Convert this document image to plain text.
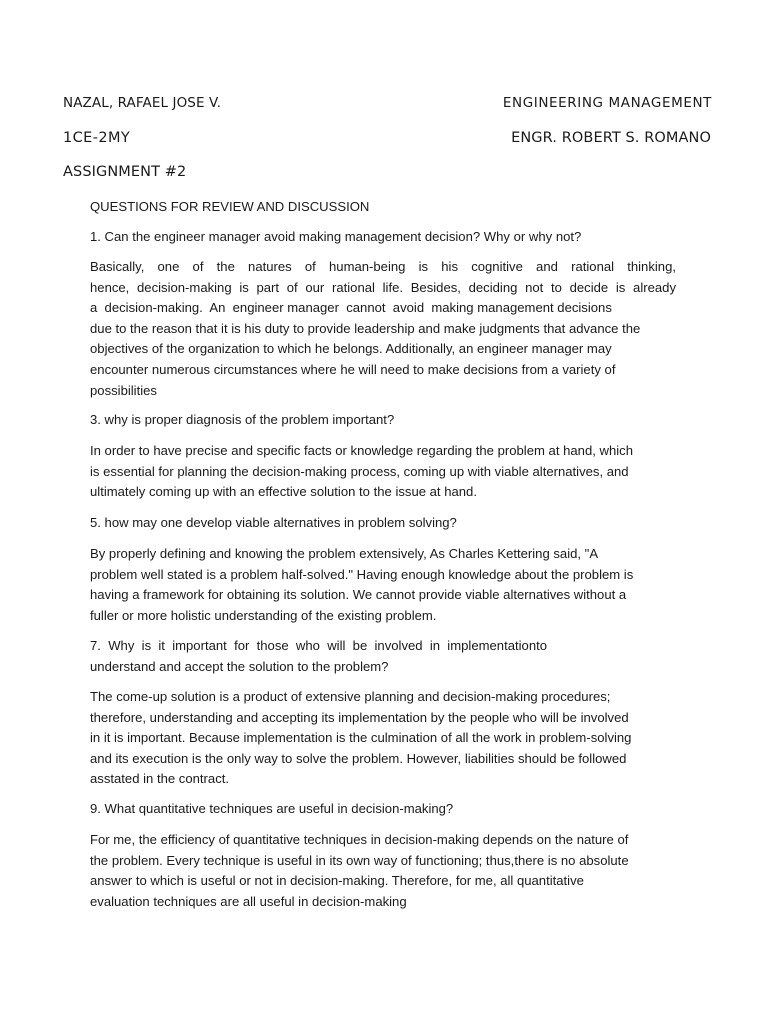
NAZAL, RAFAEL JOSE V.	ENGINEERING MANAGEMENT
1CE-2MY	ENGR. ROBERT S. ROMANO
ASSIGNMENT #2
QUESTIONS FOR REVIEW AND DISCUSSION
1. Can the engineer manager avoid making management decision? Why or why not?
Basically, one of the natures of human-being is his cognitive and rational thinking,
hence, decision-making is part of our rational life. Besides, deciding not to decide is already
a  decision-making.  An  engineer manager  cannot  avoid  making management decisions
due to the reason that it is his duty to provide leadership and make judgments that advance the
objectives of the organization to which he belongs. Additionally, an engineer manager may
encounter numerous circumstances where he will need to make decisions from a variety of
possibilities
3. why is proper diagnosis of the problem important?
In order to have precise and specific facts or knowledge regarding the problem at hand, which
is essential for planning the decision-making process, coming up with viable alternatives, and
ultimately coming up with an effective solution to the issue at hand.
5. how may one develop viable alternatives in problem solving?
By properly defining and knowing the problem extensively, As Charles Kettering said, "A
problem well stated is a problem half-solved." Having enough knowledge about the problem is
having a framework for obtaining its solution. We cannot provide viable alternatives without a
fuller or more holistic understanding of the existing problem.
7.  Why  is  it  important  for  those  who  will  be  involved  in  implementationto
understand and accept the solution to the problem?
The come-up solution is a product of extensive planning and decision-making procedures;
therefore, understanding and accepting its implementation by the people who will be involved
in it is important. Because implementation is the culmination of all the work in problem-solving
and its execution is the only way to solve the problem. However, liabilities should be followed
asstated in the contract.
9. What quantitative techniques are useful in decision-making?
For me, the efficiency of quantitative techniques in decision-making depends on the nature of
the problem. Every technique is useful in its own way of functioning; thus,there is no absolute
answer to which is useful or not in decision-making. Therefore, for me, all quantitative
evaluation techniques are all useful in decision-making
